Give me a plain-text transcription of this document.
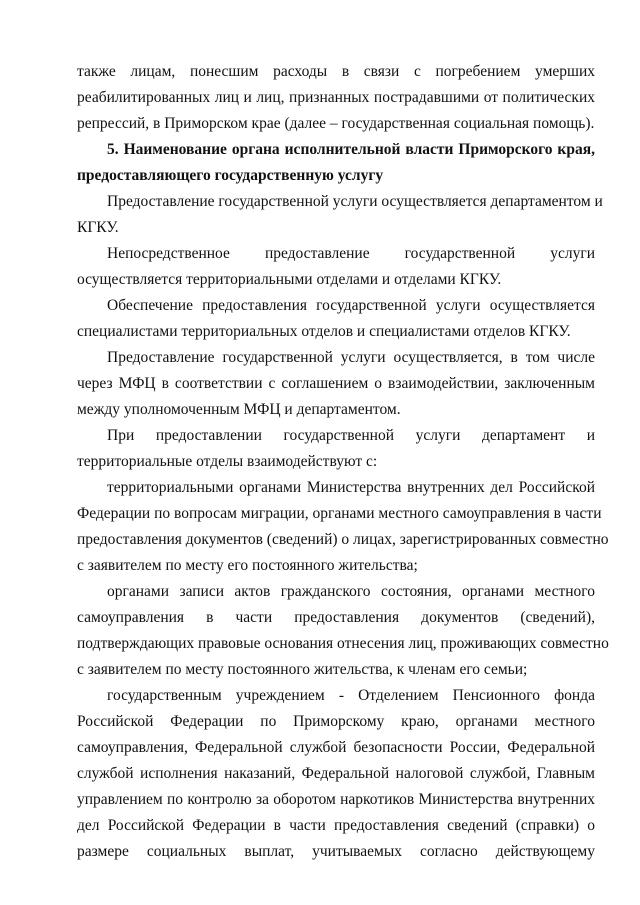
также лицам, понесшим расходы в связи с погребением умерших
реабилитированных лиц и лиц, признанных пострадавшими от политических
репрессий, в Приморском крае (далее – государственная социальная помощь).
5. Наименование органа исполнительной власти Приморского края,
предоставляющего государственную услугу
Предоставление государственной услуги осуществляется департаментом и
КГКУ.
Непосредственное предоставление государственной услуги
осуществляется территориальными отделами и отделами КГКУ.
Обеспечение предоставления государственной услуги осуществляется
специалистами территориальных отделов и специалистами отделов КГКУ.
Предоставление государственной услуги осуществляется, в том числе
через МФЦ в соответствии с соглашением о взаимодействии, заключенным
между уполномоченным МФЦ и департаментом.
При предоставлении государственной услуги департамент и
территориальные отделы взаимодействуют с:
территориальными органами Министерства внутренних дел Российской
Федерации по вопросам миграции, органами местного самоуправления в части
предоставления документов (сведений) о лицах, зарегистрированных совместно
с заявителем по месту его постоянного жительства;
органами записи актов гражданского состояния, органами местного
самоуправления в части предоставления документов (сведений),
подтверждающих правовые основания отнесения лиц, проживающих совместно
с заявителем по месту постоянного жительства, к членам его семьи;
государственным учреждением - Отделением Пенсионного фонда
Российской Федерации по Приморскому краю, органами местного
самоуправления, Федеральной службой безопасности России, Федеральной
службой исполнения наказаний, Федеральной налоговой службой, Главным
управлением по контролю за оборотом наркотиков Министерства внутренних
дел Российской Федерации в части предоставления сведений (справки) о
размере социальных выплат, учитываемых согласно действующему
